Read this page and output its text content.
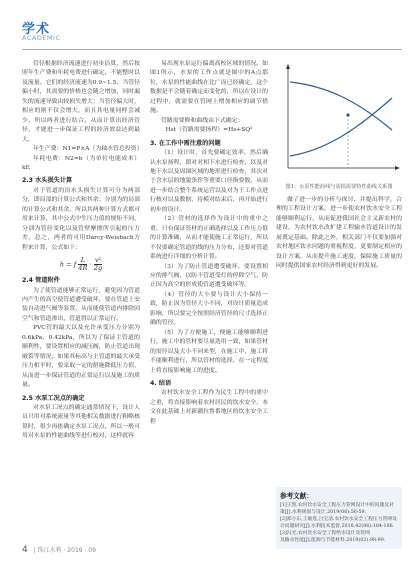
学术
ACADEMIC

管径根据经济流速进行初步估算，然后按照年生产费和年耗电费进行确定，不能整时以及流量。它们的经济流速为0.9~1.5，当管径偏小时，其需要的价格也会随之增加，同时漏失的流速导致由较损失增大；当管径偏大时，相应的则不仅会增大，而且其电量同样会减少，所以两者进行结合，从而计算出经济管径，才能进一步保证工程的经济效益达到最大。

年生产费：N1=P×A（为轴水管总投资）

年耗电费：N2=b（为单位电能成本）kE

2.3 水头损失计算

对于管道的沿水头损失计算可分为两部分，即局部的计算公式和其余；分别为的局部的计算公式和其余，所以其两种计算方式都可用来计算，其中公式中生压力值的规矩不同，分别为管径变化以及管壁摩擦所引起的压力差。总之，两者的可用Darcy-Weisbach方程来计算，公式如下：

h = f $\frac{L}{4R} \cdot \frac{\text{v²}}{2g}$
2.4 管道附件

为了使管道能够正常运行，避免因为管道内产生的高空使管道遭受破坏，要在管道上安装自动进气阀等装置，从而能使管道内排除因空气和管道渗出，管道得以正常运行。

PVC管的最大以及允许承受压力分别为0.6kPa，0.42kPa，所以为了保证主管道的顺利性，要设置相应的减压阀，防止管道出现破裂等情况；如果其标高与主管道的最大承受压力相平时，要采取一定的措施降低压力值，从而进一步保证管道的正常运行以及施工的质量。

2.5 水泵工况点的确定

对水泵工况点的确定通常情况下，设计人员只用对系统流量等其他相关数据进行粗略核算时，很少再依确定水泵工况点，所以一般可用对水泵的性能曲线等进行校对，这样就容

易出现水泵运行偏离高校区域的情况。如图1所示，水泵的工作点就是图中的A点那位，水泵的性能曲线在比广而已经确定，这个数据是不会随着确定而变化的，所以在设计的过程中，就需要在管网上增加相应的调节措施。

管路需要修和曲线由下式确定：

Hst（管路需要扬程）=Hs+SQ²

3. 在工作中需注意的问题

（1）设计时，首先要确定效率，然后确认水泵扬程，即对对相下水进行检查，以及对地下水以及周围区域的地形进行检查，其次对于含水层的地貌条件等重要口径指要数，从而进一步结合整个系统运营以及对为于工作点进行核对以及数据，待模对结束后，再开始进行初步的设计。

（2）管材的选择作为设计中的重中之重，只有保证管材的正确选择以及工作压力值的计算准确，从而才能使施工正常运行，所以不仅要确定管道的线的压力分布，还要对管道系统进行详细的分析计算。

（3）为了防止管道遭受破坏，要设置相应的排气阀，以防不管道受灯的停除空气，防止因为高空的形成使管道遭受破坏等。

（4）管径的大小要与设计大小保持一致，防止因为管径大小不同，对设计质量造成影响，所以要完全按照经济管径的尺寸选择正确的管径。

（5）为了方便施工，便施工能够顺利进行，施工中的管材要尽量选用一致，如果管材的需径以及大小不同来型，在施工中，施工将不能顺利进行，所以管材的选择，在一定程度上将直接影响施工的进度。

4. 结语

农村饮水安全工程作为民生工程中的重中之重，将直接影响着农村居民的饮水安全，本文在此基础上对新疆拉鲁番地区的饮水安全工程

图1：水泵性能曲线与需损需要特性曲线关系图

做了进一步的分析与探讨，并提出科学，合理的工程设计方案，进一步使农村饮水安全工程能够顺利运行，从而促进我国社会主义新农村的建设，为农村饮水改扩建工程输水管道设计的发展奠定基础。除此之外，相关部门不仅要加强对农村地区饮水问题的重视程度，更要制定相应的设计方案，从而提升施工速度，保障施工质量的同时提供国家农村经济得到更好的发展。

参考文献：
[1]王凯.农村饮水安全工程压力管网设计中的问题及对策[J].水利规划与设计,2019(06):56-59.
[2]郑小东,王敏莲,吕宝清.农村饮水安全工程压力管网设计问题研究[J].水利技术监督,2018,42(06):184-186.
[3]冯光,农村饮水安全工程给水设计及管网
及输水性能[J].能源与节能材料,2019(02):98-99.
4 | 珠江水利 · 2019 · 09
